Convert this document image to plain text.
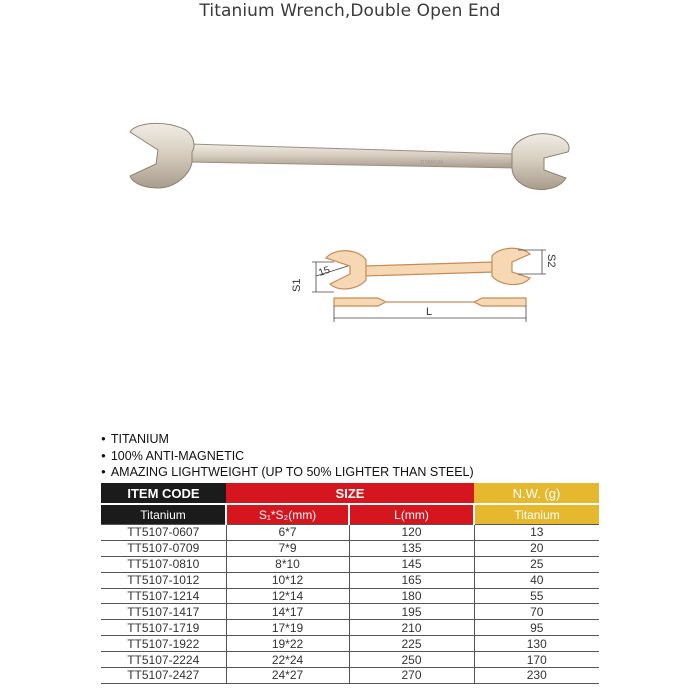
Titanium Wrench,Double Open End
TITANIUM
S1
15
S2
L
● TITANIUM
● 100% ANTI-MAGNETIC
● AMAZING LIGHTWEIGHT (UP TO 50% LIGHTER THAN STEEL)
ITEM CODE	SIZE		N.W. (g)
Titanium	S₁*S₂(mm)	L(mm)	Titanium
TT5107-0607	6*7	120	13
TT5107-0709	7*9	135	20
TT5107-0810	8*10	145	25
TT5107-1012	10*12	165	40
TT5107-1214	12*14	180	55
TT5107-1417	14*17	195	70
TT5107-1719	17*19	210	95
TT5107-1922	19*22	225	130
TT5107-2224	22*24	250	170
TT5107-2427	24*27	270	230
